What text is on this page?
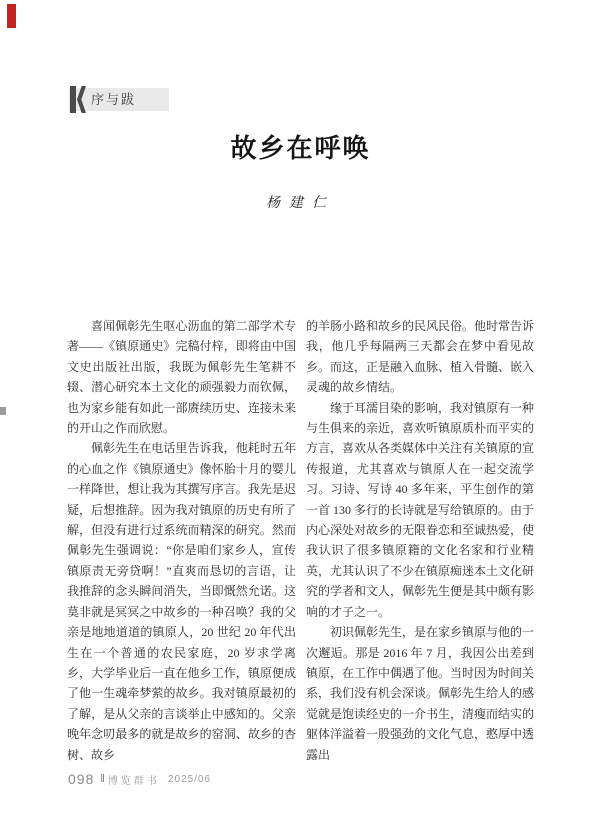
序与跋
故乡在呼唤
杨建仁

喜闻佩彰先生呕心沥血的第二部学术专著——《镇原通史》完稿付梓，即将由中国文史出版社出版，我既为佩彰先生笔耕不辍、潜心研究本土文化的顽强毅力而钦佩，也为家乡能有如此一部赓续历史、连接未来的开山之作而欣慰。

佩彰先生在电话里告诉我，他耗时五年的心血之作《镇原通史》像怀胎十月的婴儿一样降世，想让我为其撰写序言。我先是迟疑，后想推辞。因为我对镇原的历史有所了解，但没有进行过系统而精深的研究。然而佩彰先生强调说：“你是咱们家乡人，宣传镇原责无旁贷啊！”直爽而恳切的言语，让我推辞的念头瞬间消失，当即慨然允诺。这莫非就是冥冥之中故乡的一种召唤？我的父亲是地地道道的镇原人，20 世纪 20 年代出生在一个普通的农民家庭，20 岁求学离乡，大学毕业后一直在他乡工作，镇原便成了他一生魂牵梦萦的故乡。我对镇原最初的了解，是从父亲的言谈举止中感知的。父亲晚年念叨最多的就是故乡的窑洞、故乡的杏树、故乡

的羊肠小路和故乡的民风民俗。他时常告诉我，他几乎每隔两三天都会在梦中看见故乡。而这，正是融入血脉、植入骨髓、嵌入灵魂的故乡情结。

缘于耳濡目染的影响，我对镇原有一种与生俱来的亲近，喜欢听镇原质朴而平实的方言，喜欢从各类媒体中关注有关镇原的宣传报道，尤其喜欢与镇原人在一起交流学习。习诗、写诗 40 多年来，平生创作的第一首 130 多行的长诗就是写给镇原的。由于内心深处对故乡的无限眷恋和至诚热爱，使我认识了很多镇原籍的文化名家和行业精英，尤其认识了不少在镇原痴迷本土文化研究的学者和文人，佩彰先生便是其中颇有影响的才子之一。

初识佩彰先生，是在家乡镇原与他的一次邂逅。那是 2016 年 7 月，我因公出差到镇原，在工作中偶遇了他。当时因为时间关系，我们没有机会深谈。佩彰先生给人的感觉就是饱读经史的一介书生，清瘦而结实的躯体洋溢着一股强劲的文化气息，憨厚中透露出

098 ‖ 博览群书 2025/06
